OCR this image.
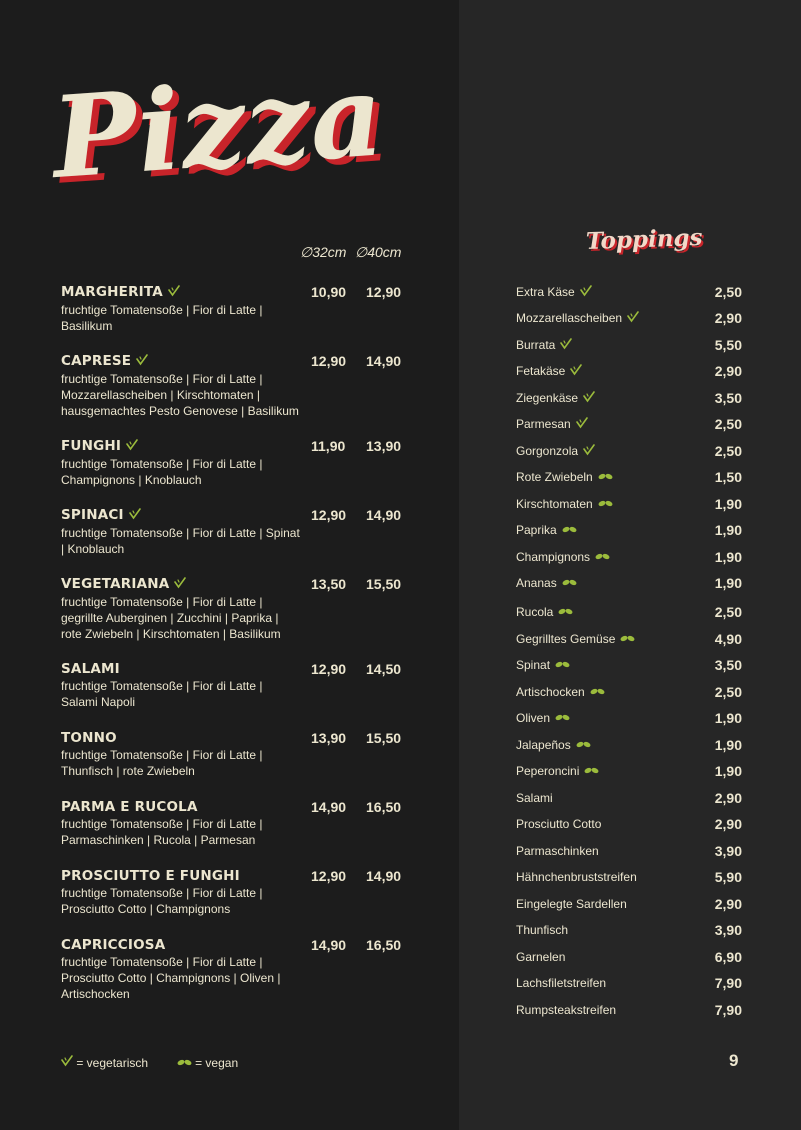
Pizza
∅32cm ∅40cm
MARGHERITA
fruchtige Tomatensoße | Fior di Latte | Basilikum
10,90 12,90
CAPRESE
fruchtige Tomatensoße | Fior di Latte | Mozzarellascheiben | Kirschtomaten | hausgemachtes Pesto Genovese | Basilikum
12,90 14,90
FUNGHI
fruchtige Tomatensoße | Fior di Latte | Champignons | Knoblauch
11,90 13,90
SPINACI
fruchtige Tomatensoße | Fior di Latte | Spinat | Knoblauch
12,90 14,90
VEGETARIANA
fruchtige Tomatensoße | Fior di Latte | gegrillte Auberginen | Zucchini | Paprika | rote Zwiebeln | Kirschtomaten | Basilikum
13,50 15,50
SALAMI
fruchtige Tomatensoße | Fior di Latte | Salami Napoli
12,90 14,50
TONNO
fruchtige Tomatensoße | Fior di Latte | Thunfisch | rote Zwiebeln
13,90 15,50
PARMA E RUCOLA
fruchtige Tomatensoße | Fior di Latte | Parmaschinken | Rucola | Parmesan
14,90 16,50
PROSCIUTTO E FUNGHI
fruchtige Tomatensoße | Fior di Latte | Prosciutto Cotto | Champignons
12,90 14,90
CAPRICCIOSA
fruchtige Tomatensoße | Fior di Latte | Prosciutto Cotto | Champignons | Oliven | Artischocken
14,90 16,50
Toppings
Extra Käse	2,50
Mozzarellascheiben	2,90
Burrata	5,50
Fetakäse	2,90
Ziegenkäse	3,50
Parmesan	2,50
Gorgonzola	2,50
Rote Zwiebeln	1,50
Kirschtomaten	1,90
Paprika	1,90
Champignons	1,90
Ananas	1,90
Rucola	2,50
Gegrilltes Gemüse	4,90
Spinat	3,50
Artischocken	2,50
Oliven	1,90
Jalapeños	1,90
Peperoncini	1,90
Salami	2,90
Prosciutto Cotto	2,90
Parmaschinken	3,90
Hähnchenbruststreifen	5,90
Eingelegte Sardellen	2,90
Thunfisch	3,90
Garnelen	6,90
Lachsfiletstreifen	7,90
Rumpsteakstreifen	7,90
= vegetarisch	= vegan	9
